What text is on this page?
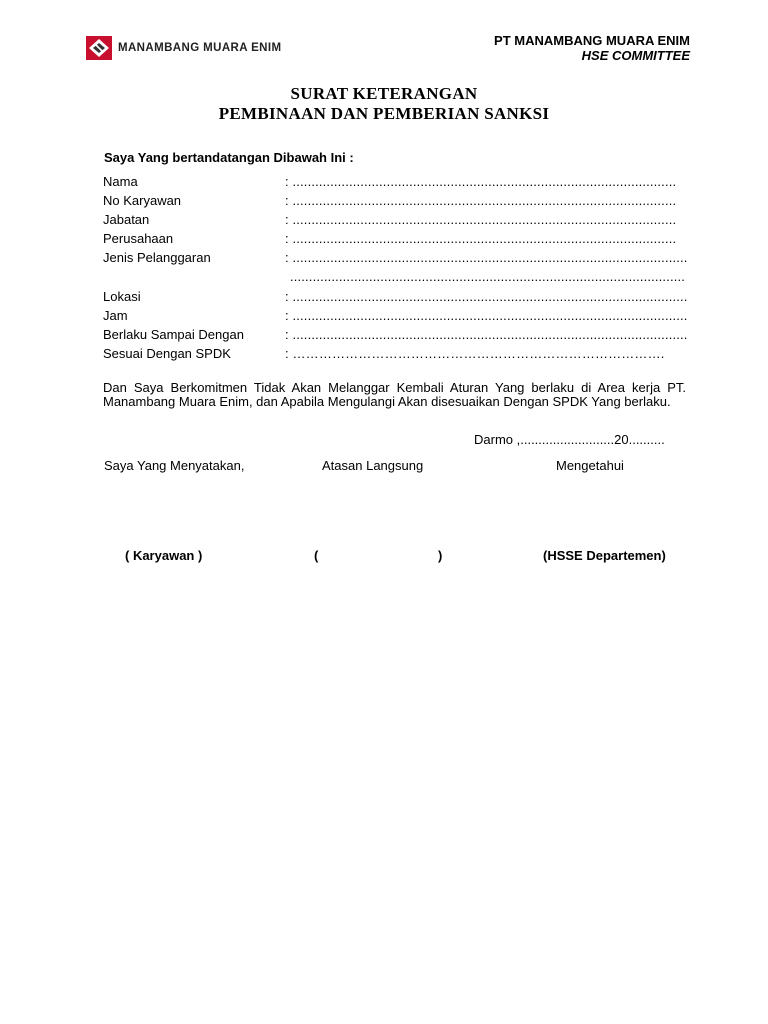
MANAMBANG MUARA ENIM	PT MANAMBANG MUARA ENIM
HSE COMMITTEE
SURAT KETERANGAN
PEMBINAAN DAN PEMBERIAN SANKSI
Saya Yang bertandatangan Dibawah Ini :
Nama	: ......................................................................................................
No Karyawan	: ......................................................................................................
Jabatan	: ......................................................................................................
Perusahaan	: ......................................................................................................
Jenis Pelanggaran	: .........................................................................................................
.........................................................................................................
Lokasi	: .........................................................................................................
Jam	: .........................................................................................................
Berlaku Sampai Dengan	: .........................................................................................................
Sesuai Dengan SPDK	: ………………………………………………………………………….
Dan Saya Berkomitmen Tidak Akan Melanggar Kembali Aturan Yang berlaku di Area kerja PT. Manambang Muara Enim, dan Apabila Mengulangi Akan disesuaikan Dengan SPDK Yang berlaku.
Darmo ,..........................20..........
Saya Yang Menyatakan,	Atasan Langsung	Mengetahui
( Karyawan )	(	)	(HSSE Departemen)
